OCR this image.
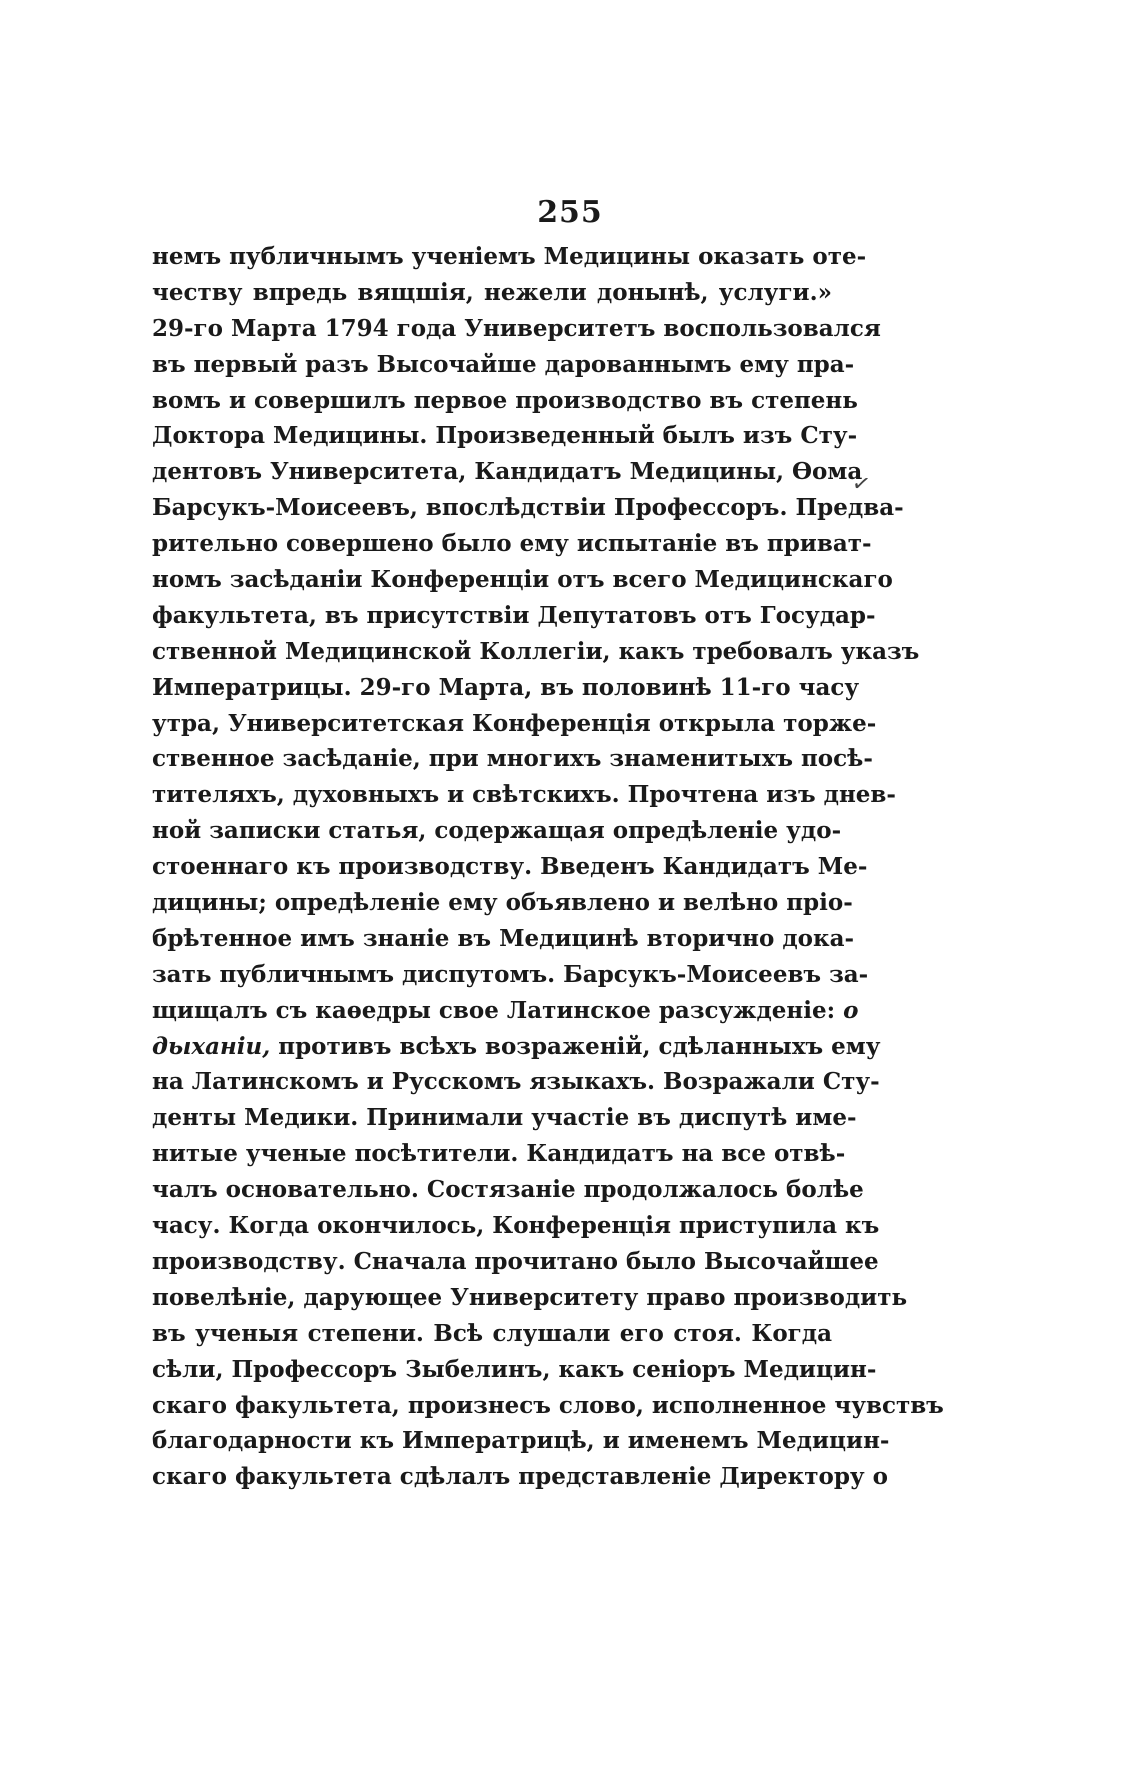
255
немъ публичнымъ ученіемъ Медицины оказать оте-
честву впредь вящшія, нежели донынѣ, услуги.»
29-го Марта 1794 года Университетъ воспользовался
въ первый разъ Высочайше дарованнымъ ему пра-
вомъ и совершилъ первое производство въ степень
Доктора Медицины. Произведенный былъ изъ Сту-
дентовъ Университета, Кандидатъ Медицины, Ѳома
Барсукъ-Моисеевъ, впослѣдствіи Профессоръ. Предва-
рительно совершено было ему испытаніе въ приват-
номъ засѣданіи Конференціи отъ всего Медицинскаго
факультета, въ присутствіи Депутатовъ отъ Государ-
ственной Медицинской Коллегіи, какъ требовалъ указъ
Императрицы. 29-го Марта, въ половинѣ 11-го часу
утра, Университетская Конференція открыла торже-
ственное засѣданіе, при многихъ знаменитыхъ посѣ-
тителяхъ, духовныхъ и свѣтскихъ. Прочтена изъ днев-
ной записки статья, содержащая опредѣленіе удо-
стоеннаго къ производству. Введенъ Кандидатъ Ме-
дицины; опредѣленіе ему объявлено и велѣно пріо-
брѣтенное имъ знаніе въ Медицинѣ вторично дока-
зать публичнымъ диспутомъ. Барсукъ-Моисеевъ за-
щищалъ съ каѳедры свое Латинское разсужденіе: о
дыханіи, противъ всѣхъ возраженій, сдѣланныхъ ему
на Латинскомъ и Русскомъ языкахъ. Возражали Сту-
денты Медики. Принимали участіе въ диспутѣ име-
нитые ученые посѣтители. Кандидатъ на все отвѣ-
чалъ основательно. Состязаніе продолжалось болѣе
часу. Когда окончилось, Конференція приступила къ
производству. Сначала прочитано было Высочайшее
повелѣніе, дарующее Университету право производить
въ ученыя степени. Всѣ слушали его стоя. Когда
сѣли, Профессоръ Зыбелинъ, какъ сеніоръ Медицин-
скаго факультета, произнесъ слово, исполненное чувствъ
благодарности къ Императрицѣ, и именемъ Медицин-
скаго факультета сдѣлалъ представленіе Директору о
✓
